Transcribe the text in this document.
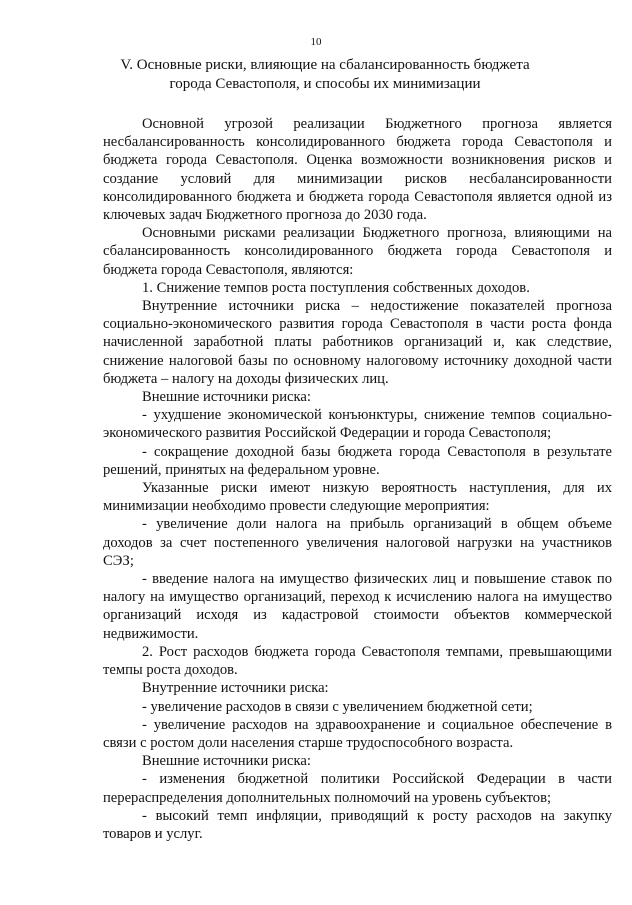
10
V. Основные риски, влияющие на сбалансированность бюджета
города Севастополя, и способы их минимизации

Основной угрозой реализации Бюджетного прогноза является несбалансированность консолидированного бюджета города Севастополя и бюджета города Севастополя. Оценка возможности возникновения рисков и создание условий для минимизации рисков несбалансированности консолидированного бюджета и бюджета города Севастополя является одной из ключевых задач Бюджетного прогноза до 2030 года.

Основными рисками реализации Бюджетного прогноза, влияющими на сбалансированность консолидированного бюджета города Севастополя и бюджета города Севастополя, являются:

1. Снижение темпов роста поступления собственных доходов.

Внутренние источники риска – недостижение показателей прогноза социально-экономического развития города Севастополя в части роста фонда начисленной заработной платы работников организаций и, как следствие, снижение налоговой базы по основному налоговому источнику доходной части бюджета – налогу на доходы физических лиц.

Внешние источники риска:

- ухудшение экономической конъюнктуры, снижение темпов социально-экономического развития Российской Федерации и города Севастополя;

- сокращение доходной базы бюджета города Севастополя в результате решений, принятых на федеральном уровне.

Указанные риски имеют низкую вероятность наступления, для их минимизации необходимо провести следующие мероприятия:

- увеличение доли налога на прибыль организаций в общем объеме доходов за счет постепенного увеличения налоговой нагрузки на участников СЭЗ;

- введение налога на имущество физических лиц и повышение ставок по налогу на имущество организаций, переход к исчислению налога на имущество организаций исходя из кадастровой стоимости объектов коммерческой недвижимости.

2. Рост расходов бюджета города Севастополя темпами, превышающими темпы роста доходов.

Внутренние источники риска:

- увеличение расходов в связи с увеличением бюджетной сети;

- увеличение расходов на здравоохранение и социальное обеспечение в связи с ростом доли населения старше трудоспособного возраста.

Внешние источники риска:

- изменения бюджетной политики Российской Федерации в части перераспределения дополнительных полномочий на уровень субъектов;

- высокий темп инфляции, приводящий к росту расходов на закупку товаров и услуг.
